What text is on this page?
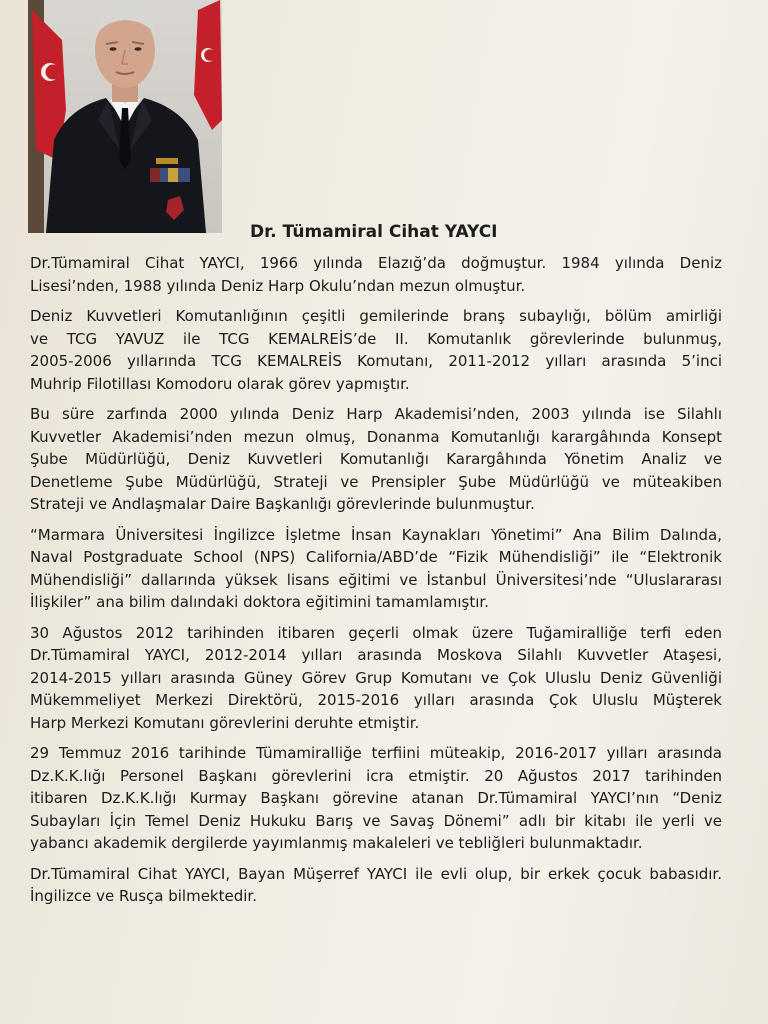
Dr. Tümamiral Cihat YAYCI
Dr.Tümamiral Cihat YAYCI, 1966 yılında Elazığ’da doğmuştur. 1984 yılında Deniz
Lisesi’nden, 1988 yılında Deniz Harp Okulu’ndan mezun olmuştur.
Deniz Kuvvetleri Komutanlığının çeşitli gemilerinde branş subaylığı, bölüm amirliği
ve TCG YAVUZ ile TCG KEMALREİS’de II. Komutanlık görevlerinde bulunmuş,
2005-2006 yıllarında TCG KEMALREİS Komutanı, 2011-2012 yılları arasında 5’inci
Muhrip Filotillası Komodoru olarak görev yapmıştır.
Bu süre zarfında 2000 yılında Deniz Harp Akademisi’nden, 2003 yılında ise Silahlı
Kuvvetler Akademisi’nden mezun olmuş, Donanma Komutanlığı karargâhında Konsept
Şube Müdürlüğü, Deniz Kuvvetleri Komutanlığı Karargâhında Yönetim Analiz ve
Denetleme Şube Müdürlüğü, Strateji ve Prensipler Şube Müdürlüğü ve müteakiben
Strateji ve Andlaşmalar Daire Başkanlığı görevlerinde bulunmuştur.
“Marmara Üniversitesi İngilizce İşletme İnsan Kaynakları Yönetimi” Ana Bilim Dalında,
Naval Postgraduate School (NPS) California/ABD’de “Fizik Mühendisliği” ile “Elektronik
Mühendisliği” dallarında yüksek lisans eğitimi ve İstanbul Üniversitesi’nde “Uluslararası
İlişkiler” ana bilim dalındaki doktora eğitimini tamamlamıştır.
30 Ağustos 2012 tarihinden itibaren geçerli olmak üzere Tuğamiralliğe terfi eden
Dr.Tümamiral YAYCI, 2012-2014 yılları arasında Moskova Silahlı Kuvvetler Ataşesi,
2014-2015 yılları arasında Güney Görev Grup Komutanı ve Çok Uluslu Deniz Güvenliği
Mükemmeliyet Merkezi Direktörü, 2015-2016 yılları arasında Çok Uluslu Müşterek
Harp Merkezi Komutanı görevlerini deruhte etmiştir.
29 Temmuz 2016 tarihinde Tümamiralliğe terfiini müteakip, 2016-2017 yılları arasında
Dz.K.K.lığı Personel Başkanı görevlerini icra etmiştir. 20 Ağustos 2017 tarihinden
itibaren Dz.K.K.lığı Kurmay Başkanı görevine atanan Dr.Tümamiral YAYCI’nın “Deniz
Subayları İçin Temel Deniz Hukuku Barış ve Savaş Dönemi” adlı bir kitabı ile yerli ve
yabancı akademik dergilerde yayımlanmış makaleleri ve tebliğleri bulunmaktadır.
Dr.Tümamiral Cihat YAYCI, Bayan Müşerref YAYCI ile evli olup, bir erkek çocuk babasıdır.
İngilizce ve Rusça bilmektedir.
